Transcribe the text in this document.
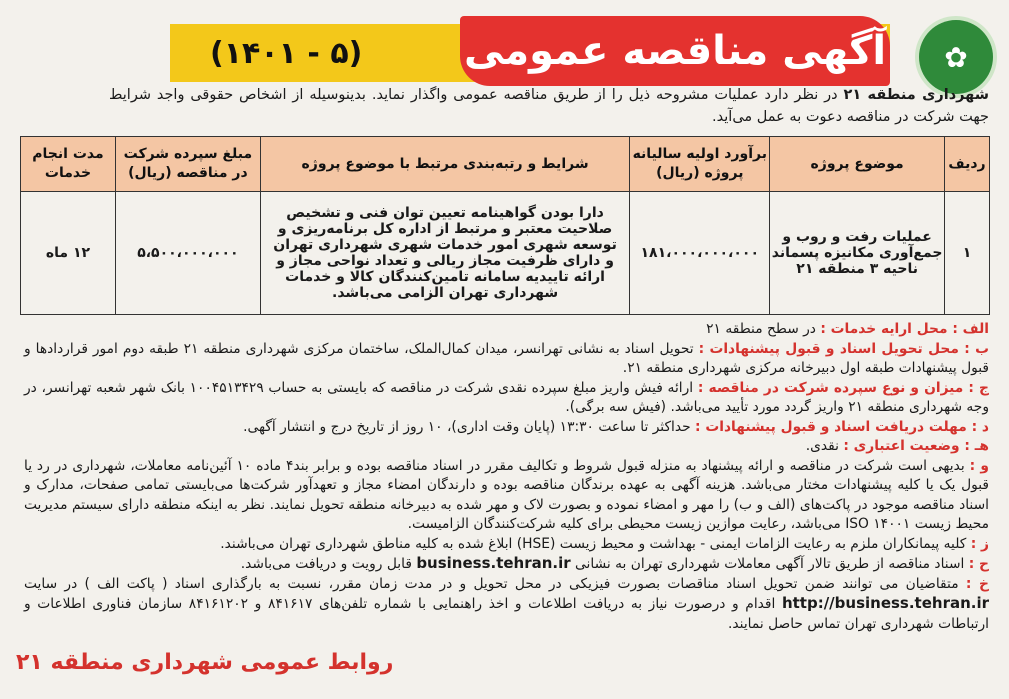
✿
آگهی مناقصه عمومی
(۵ - ۱۴۰۱)
شهرداری منطقه ۲۱ در نظر دارد عملیات مشروحه ذیل را از طریق مناقصه عمومی واگذار نماید. بدینوسیله از اشخاص حقوقی واجد شرایط جهت شرکت در مناقصه دعوت به عمل می‌آید.
ردیف	موضوع پروژه	برآورد اولیه سالیانه پروژه (ریال)	شرایط و رتبه‌بندی مرتبط با موضوع پروژه	مبلغ سپرده شرکت در مناقصه (ریال)	مدت انجام خدمات
۱	عملیات رفت و روب و جمع‌آوری مکانیزه پسماند ناحیه ۳ منطقه ۲۱	۱۸۱،۰۰۰،۰۰۰،۰۰۰	دارا بودن گواهینامه تعیین توان فنی و تشخیص صلاحیت معتبر و مرتبط از اداره کل برنامه‌ریزی و توسعه شهری امور خدمات شهری شهرداری تهران و دارای ظرفیت مجاز ریالی و تعداد نواحی مجاز و ارائه تاییدیه سامانه تامین‌کنندگان کالا و خدمات شهرداری تهران الزامی می‌باشد.	۵،۵۰۰،۰۰۰،۰۰۰	۱۲ ماه

الف : محل ارایه خدمات : در سطح منطقه ۲۱

ب : محل تحویل اسناد و قبول پیشنهادات : تحویل اسناد به نشانی تهرانسر، میدان کمال‌الملک، ساختمان مرکزی شهرداری منطقه ۲۱ طبقه دوم امور قراردادها و قبول پیشنهادات طبقه اول دبیرخانه مرکزی شهرداری منطقه ۲۱.

ج : میزان و نوع سپرده شرکت در مناقصه : ارائه فیش واریز مبلغ سپرده نقدی شرکت در مناقصه که بایستی به حساب ۱۰۰۴۵۱۳۴۲۹ بانک شهر شعبه تهرانسر، در وجه شهرداری منطقه ۲۱ واریز گردد مورد تأیید می‌باشد. (فیش سه برگی).

د : مهلت دریافت اسناد و قبول پیشنهادات : حداکثر تا ساعت ۱۳:۳۰ (پایان وقت اداری)، ۱۰ روز از تاریخ درج و انتشار آگهی.

هـ : وضعیت اعتباری : نقدی.

و : بدیهی است شرکت در مناقصه و ارائه پیشنهاد به منزله قبول شروط و تکالیف مقرر در اسناد مناقصه بوده و برابر بند۴ ماده ۱۰ آئین‌نامه معاملات، شهرداری در رد یا قبول یک یا کلیه پیشنهادات مختار می‌باشد. هزینه آگهی به عهده برندگان مناقصه بوده و دارندگان امضاء مجاز و تعهدآور شرکت‌ها می‌بایستی تمامی صفحات، مدارک و اسناد مناقصه موجود در پاکت‌های (الف و ب) را مهر و امضاء نموده و بصورت لاک و مهر شده به دبیرخانه منطقه تحویل نمایند. نظر به اینکه منطقه دارای سیستم مدیریت محیط زیست ISO ۱۴۰۰۱ می‌باشد، رعایت موازین زیست محیطی برای کلیه شرکت‌کنندگان الزامیست.

ز : کلیه پیمانکاران ملزم به رعایت الزامات ایمنی - بهداشت و محیط زیست (HSE) ابلاغ شده به کلیه مناطق شهرداری تهران می‌باشند.

ح : اسناد مناقصه از طریق تالار آگهی معاملات شهرداری تهران به نشانی business.tehran.ir قابل رویت و دریافت می‌باشد.

خ : متقاضیان می توانند ضمن تحویل اسناد مناقصات بصورت فیزیکی در محل تحویل و در مدت زمان مقرر، نسبت به بارگذاری اسناد ( پاکت الف ) در سایت http://business.tehran.ir اقدام و درصورت نیاز به دریافت اطلاعات و اخذ راهنمایی با شماره تلفن‌های ۸۴۱۶۱۷ و ۸۴۱۶۱۲۰۲ سازمان فناوری اطلاعات و ارتباطات شهرداری تهران تماس حاصل نمایند.

روابط عمومی شهرداری منطقه ۲۱
